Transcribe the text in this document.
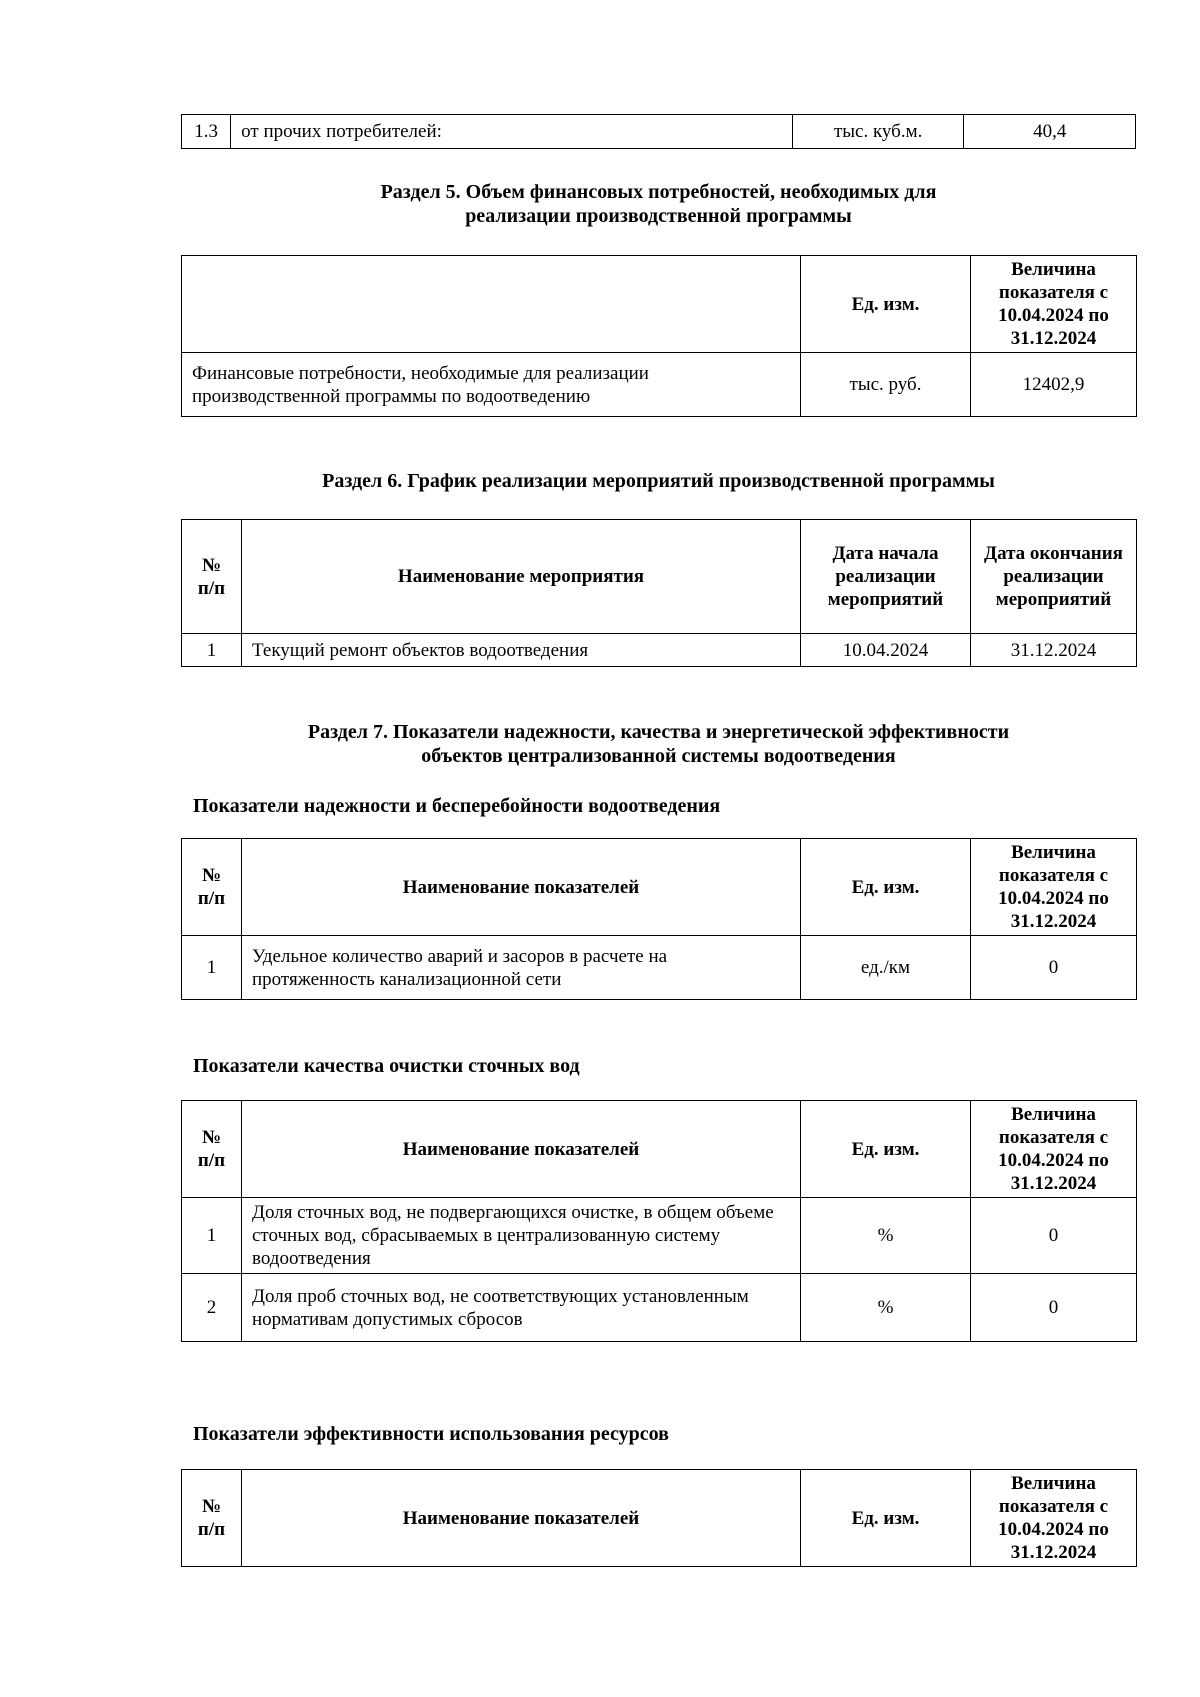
1.3	от прочих потребителей:	тыс. куб.м.	40,4

Раздел 5. Объем финансовых потребностей, необходимых для реализации производственной программы

	Ед. изм.	Величина показателя с 10.04.2024 по 31.12.2024
Финансовые потребности, необходимые для реализации производственной программы по водоотведению	тыс. руб.	12402,9

Раздел 6. График реализации мероприятий производственной программы

№ п/п	Наименование мероприятия	Дата начала реализации мероприятий	Дата окончания реализации мероприятий
1	Текущий ремонт объектов водоотведения	10.04.2024	31.12.2024

Раздел 7. Показатели надежности, качества и энергетической эффективности объектов централизованной системы водоотведения

Показатели надежности и бесперебойности водоотведения

№ п/п	Наименование показателей	Ед. изм.	Величина показателя с 10.04.2024 по 31.12.2024
1	Удельное количество аварий и засоров в расчете на протяженность канализационной сети	ед./км	0

Показатели качества очистки сточных вод

№ п/п	Наименование показателей	Ед. изм.	Величина показателя с 10.04.2024 по 31.12.2024
1	Доля сточных вод, не подвергающихся очистке, в общем объеме сточных вод, сбрасываемых в централизованную систему водоотведения	%	0
2	Доля проб сточных вод, не соответствующих установленным нормативам допустимых сбросов	%	0

Показатели эффективности использования ресурсов

№ п/п	Наименование показателей	Ед. изм.	Величина показателя с 10.04.2024 по 31.12.2024
